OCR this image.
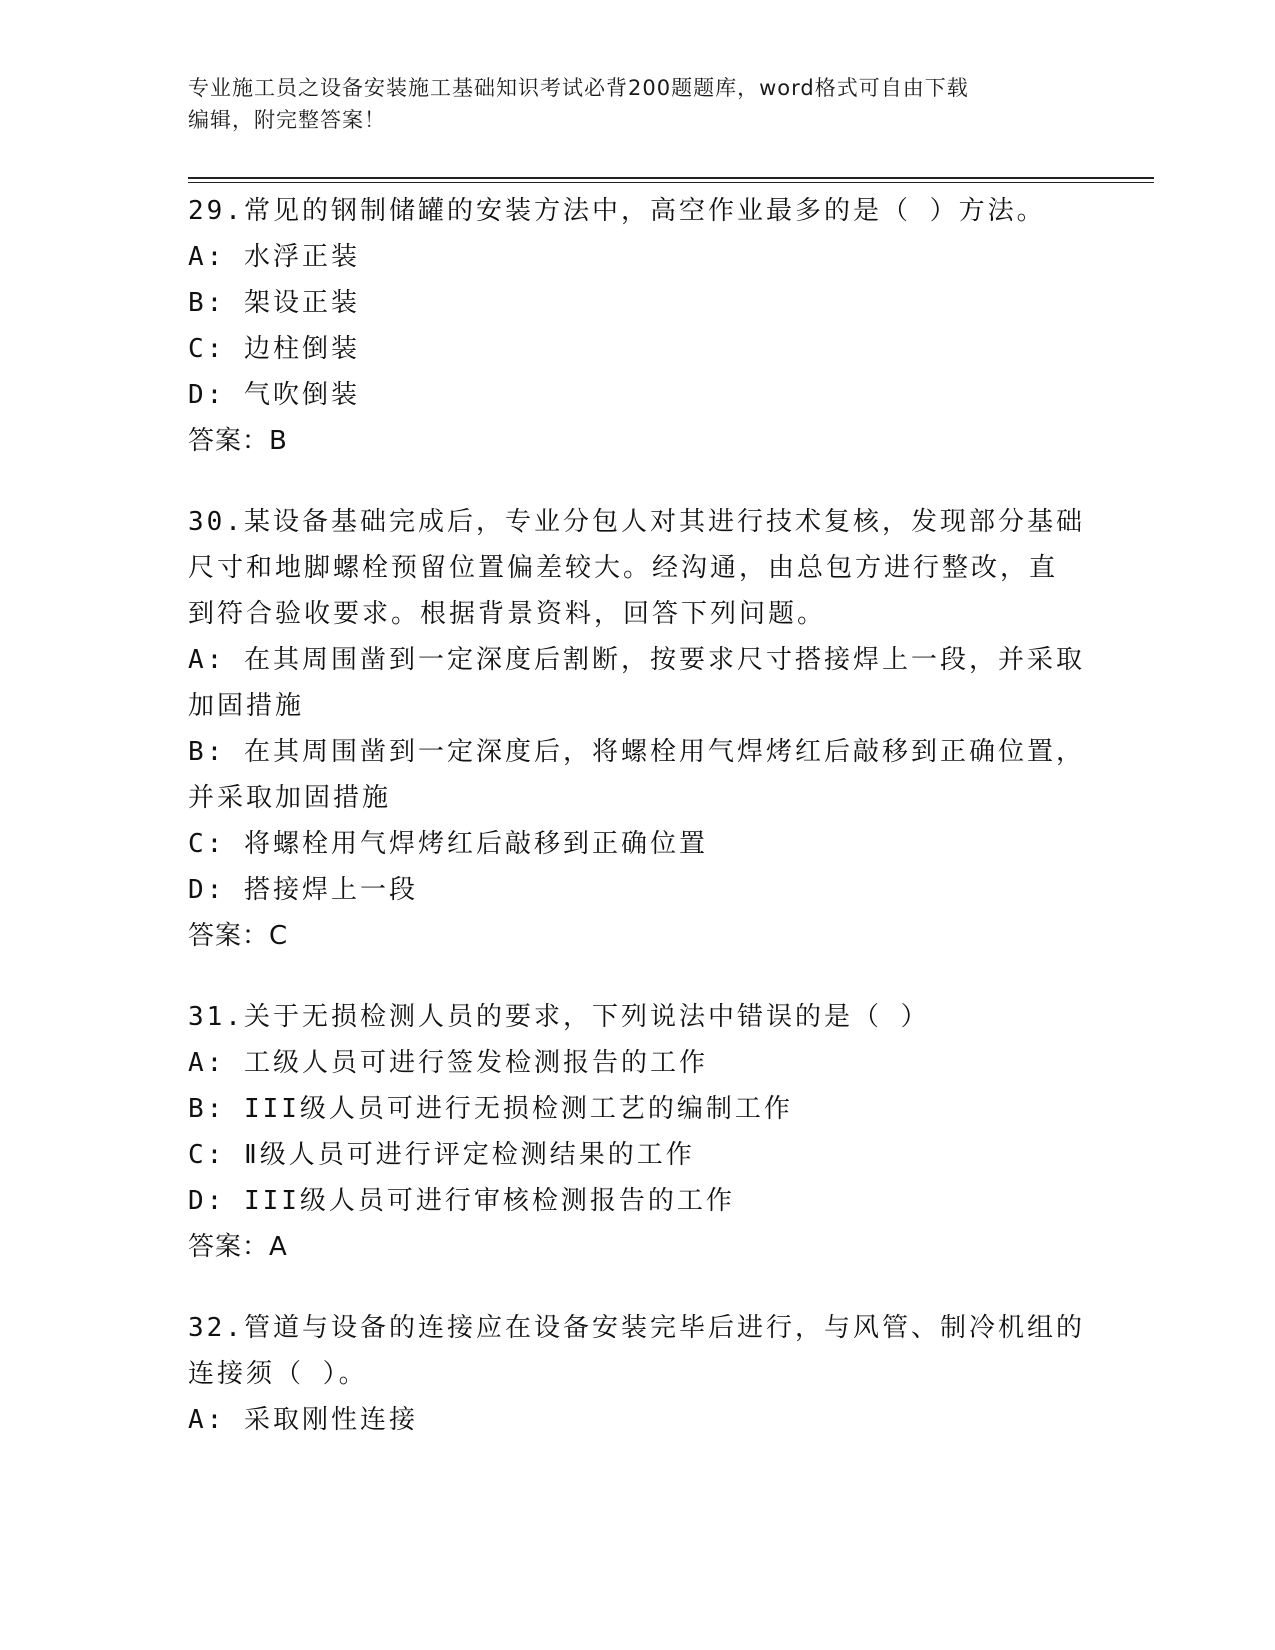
专业施工员之设备安装施工基础知识考试必背200题题库，word格式可自由下载
编辑，附完整答案！
29.常见的钢制储罐的安装方法中，高空作业最多的是（ ）方法。
A: 水浮正装
B: 架设正装
C: 边柱倒装
D: 气吹倒装
答案：B
30.某设备基础完成后，专业分包人对其进行技术复核，发现部分基础
尺寸和地脚螺栓预留位置偏差较大。经沟通，由总包方进行整改，直
到符合验收要求。根据背景资料，回答下列问题。
A: 在其周围凿到一定深度后割断，按要求尺寸搭接焊上一段，并采取
加固措施
B: 在其周围凿到一定深度后，将螺栓用气焊烤红后敲移到正确位置，
并采取加固措施
C: 将螺栓用气焊烤红后敲移到正确位置
D: 搭接焊上一段
答案：C
31.关于无损检测人员的要求，下列说法中错误的是（ ）
A: 工级人员可进行签发检测报告的工作
B: III级人员可进行无损检测工艺的编制工作
C: Ⅱ级人员可进行评定检测结果的工作
D: III级人员可进行审核检测报告的工作
答案：A
32.管道与设备的连接应在设备安装完毕后进行，与风管、制冷机组的
连接须（ ）。
A: 采取刚性连接
